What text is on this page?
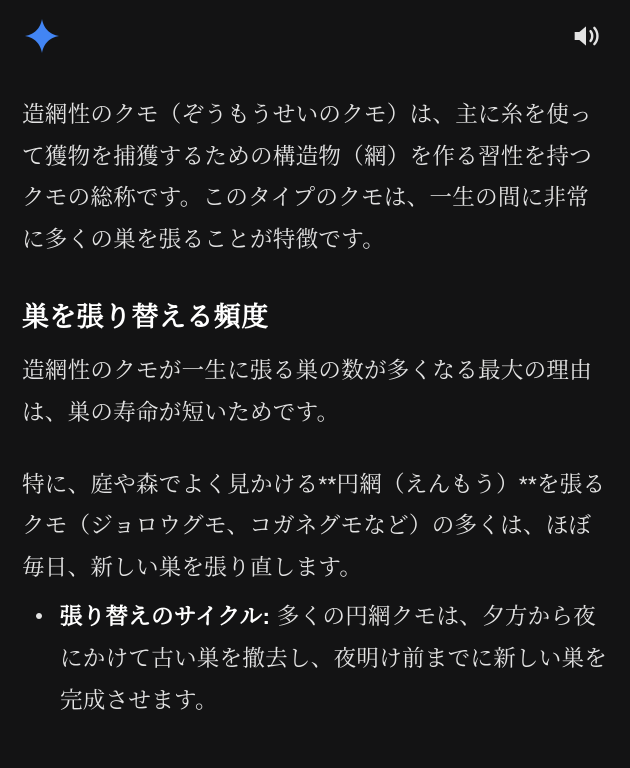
造網性のクモ（ぞうもうせいのクモ）は、主に糸を使って獲物を捕獲するための構造物（網）を作る習性を持つクモの総称です。このタイプのクモは、一生の間に非常に多くの巣を張ることが特徴です。

巣を張り替える頻度

造網性のクモが一生に張る巣の数が多くなる最大の理由は、巣の寿命が短いためです。

特に、庭や森でよく見かける**円網（えんもう）**を張るクモ（ジョロウグモ、コガネグモなど）の多くは、ほぼ毎日、新しい巣を張り直します。

張り替えのサイクル: 多くの円網クモは、夕方から夜にかけて古い巣を撤去し、夜明け前までに新しい巣を完成させます。
